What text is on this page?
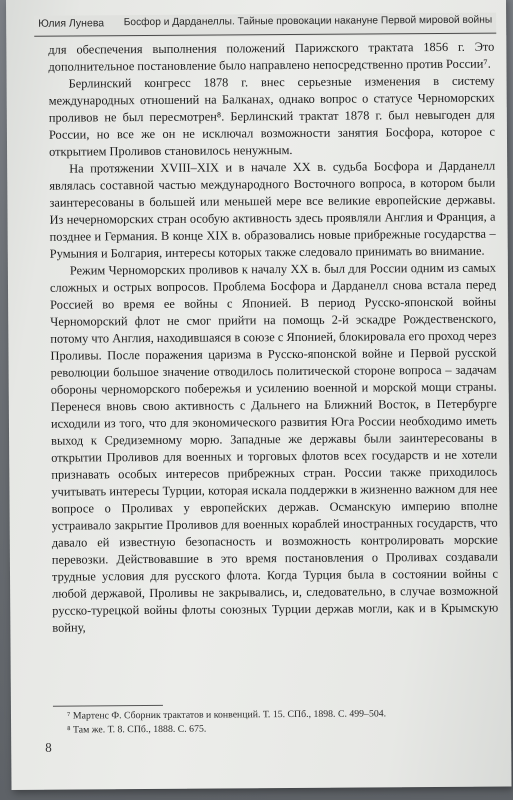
Юлия Лунева Босфор и Дарданеллы. Тайные провокации накануне Первой мировой войны

для обеспечения выполнения положений Парижского трактата 1856 г. Это дополнительное постановление было направлено непосредственно против России⁷.

Берлинский конгресс 1878 г. внес серьезные изменения в систему международных отношений на Балканах, однако вопрос о статусе Черноморских проливов не был пересмотрен⁸. Берлинский трактат 1878 г. был невыгоден для России, но все же он не исключал возможности занятия Босфора, которое с открытием Проливов становилось ненужным.

На протяжении XVIII–XIX и в начале XX в. судьба Босфора и Дарданелл являлась составной частью международного Восточного вопроса, в котором были заинтересованы в большей или меньшей мере все великие европейские державы. Из нечерноморских стран особую активность здесь проявляли Англия и Франция, а позднее и Германия. В конце XIX в. образовались новые прибрежные государства – Румыния и Болгария, интересы которых также следовало принимать во внимание.

Режим Черноморских проливов к началу XX в. был для России одним из самых сложных и острых вопросов. Проблема Босфора и Дарданелл снова встала перед Россией во время ее войны с Японией. В период Русско-японской войны Черноморский флот не смог прийти на помощь 2-й эскадре Рождественского, потому что Англия, находившаяся в союзе с Японией, блокировала его проход через Проливы. После поражения царизма в Русско-японской войне и Первой русской революции большое значение отводилось политической стороне вопроса – задачам обороны черноморского побережья и усилению военной и морской мощи страны. Перенеся вновь свою активность с Дальнего на Ближний Восток, в Петербурге исходили из того, что для экономического развития Юга России необходимо иметь выход к Средиземному морю. Западные же державы были заинтересованы в открытии Проливов для военных и торговых флотов всех государств и не хотели признавать особых интересов прибрежных стран. России также приходилось учитывать интересы Турции, которая искала поддержки в жизненно важном для нее вопросе о Проливах у европейских держав. Османскую империю вполне устраивало закрытие Проливов для военных кораблей иностранных государств, что давало ей известную безопасность и возможность контролировать морские перевозки. Действовавшие в это время постановления о Проливах создавали трудные условия для русского флота. Когда Турция была в состоянии войны с любой державой, Проливы не закрывались, и, следовательно, в случае возможной русско-турецкой войны флоты союзных Турции держав могли, как и в Крымскую войну,

⁷ Мартенс Ф. Сборник трактатов и конвенций. Т. 15. СПб., 1898. С. 499–504.
⁸ Там же. Т. 8. СПб., 1888. С. 675.
8
